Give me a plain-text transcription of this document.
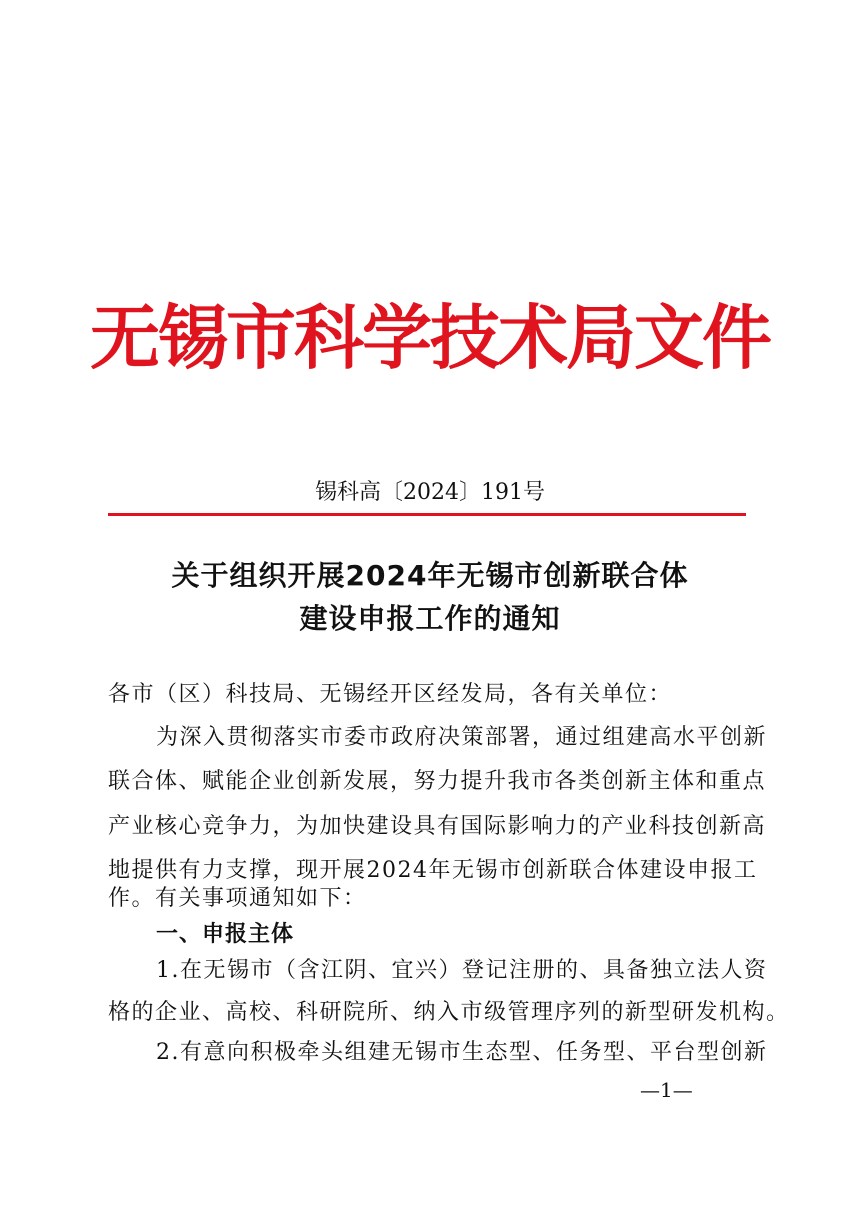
无锡市科学技术局文件
锡科高〔2024〕191号
关于组织开展2024年无锡市创新联合体
建设申报工作的通知
各市（区）科技局、无锡经开区经发局，各有关单位：
为深入贯彻落实市委市政府决策部署，通过组建高水平创新
联合体、赋能企业创新发展，努力提升我市各类创新主体和重点
产业核心竞争力，为加快建设具有国际影响力的产业科技创新高
地提供有力支撑，现开展2024年无锡市创新联合体建设申报工
作。有关事项通知如下：
一、申报主体
1.在无锡市（含江阴、宜兴）登记注册的、具备独立法人资
格的企业、高校、科研院所、纳入市级管理序列的新型研发机构。
—1—
2.有意向积极牵头组建无锡市生态型、任务型、平台型创新
